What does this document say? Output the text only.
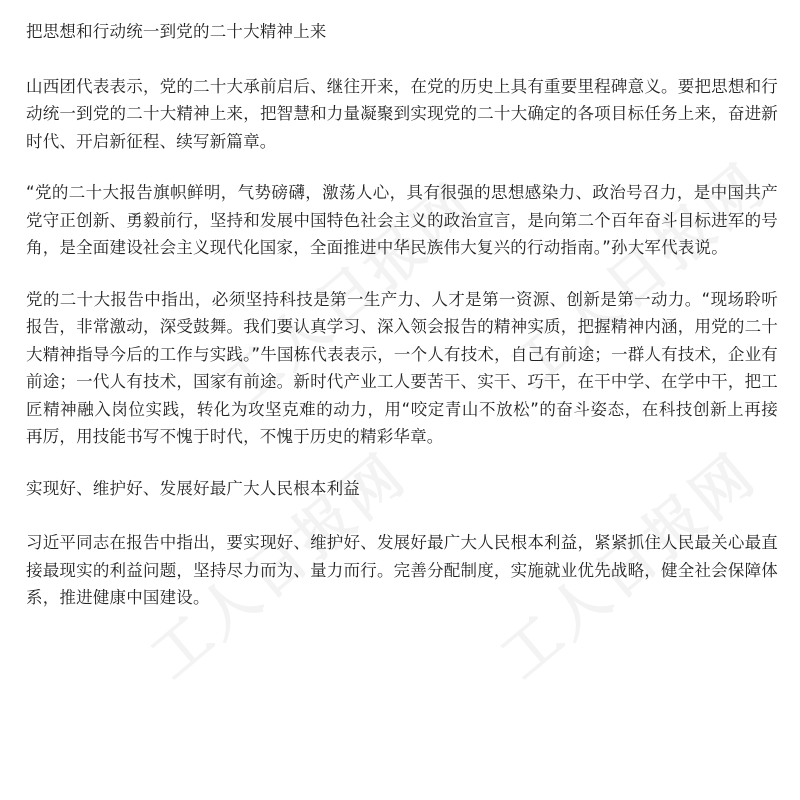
把思想和行动统一到党的二十大精神上来

山西团代表表示，党的二十大承前启后、继往开来，在党的历史上具有重要里程碑意义。要把思想和行动统一到党的二十大精神上来，把智慧和力量凝聚到实现党的二十大确定的各项目标任务上来，奋进新时代、开启新征程、续写新篇章。

“党的二十大报告旗帜鲜明，气势磅礴，激荡人心，具有很强的思想感染力、政治号召力，是中国共产党守正创新、勇毅前行，坚持和发展中国特色社会主义的政治宣言，是向第二个百年奋斗目标进军的号角，是全面建设社会主义现代化国家，全面推进中华民族伟大复兴的行动指南。”孙大军代表说。

党的二十大报告中指出，必须坚持科技是第一生产力、人才是第一资源、创新是第一动力。“现场聆听报告，非常激动，深受鼓舞。我们要认真学习、深入领会报告的精神实质，把握精神内涵，用党的二十大精神指导今后的工作与实践。”牛国栋代表表示，一个人有技术，自己有前途；一群人有技术，企业有前途；一代人有技术，国家有前途。新时代产业工人要苦干、实干、巧干，在干中学、在学中干，把工匠精神融入岗位实践，转化为攻坚克难的动力，用“咬定青山不放松”的奋斗姿态，在科技创新上再接再厉，用技能书写不愧于时代，不愧于历史的精彩华章。

实现好、维护好、发展好最广大人民根本利益

习近平同志在报告中指出，要实现好、维护好、发展好最广大人民根本利益，紧紧抓住人民最关心最直接最现实的利益问题，坚持尽力而为、量力而行。完善分配制度，实施就业优先战略，健全社会保障体系，推进健康中国建设。
